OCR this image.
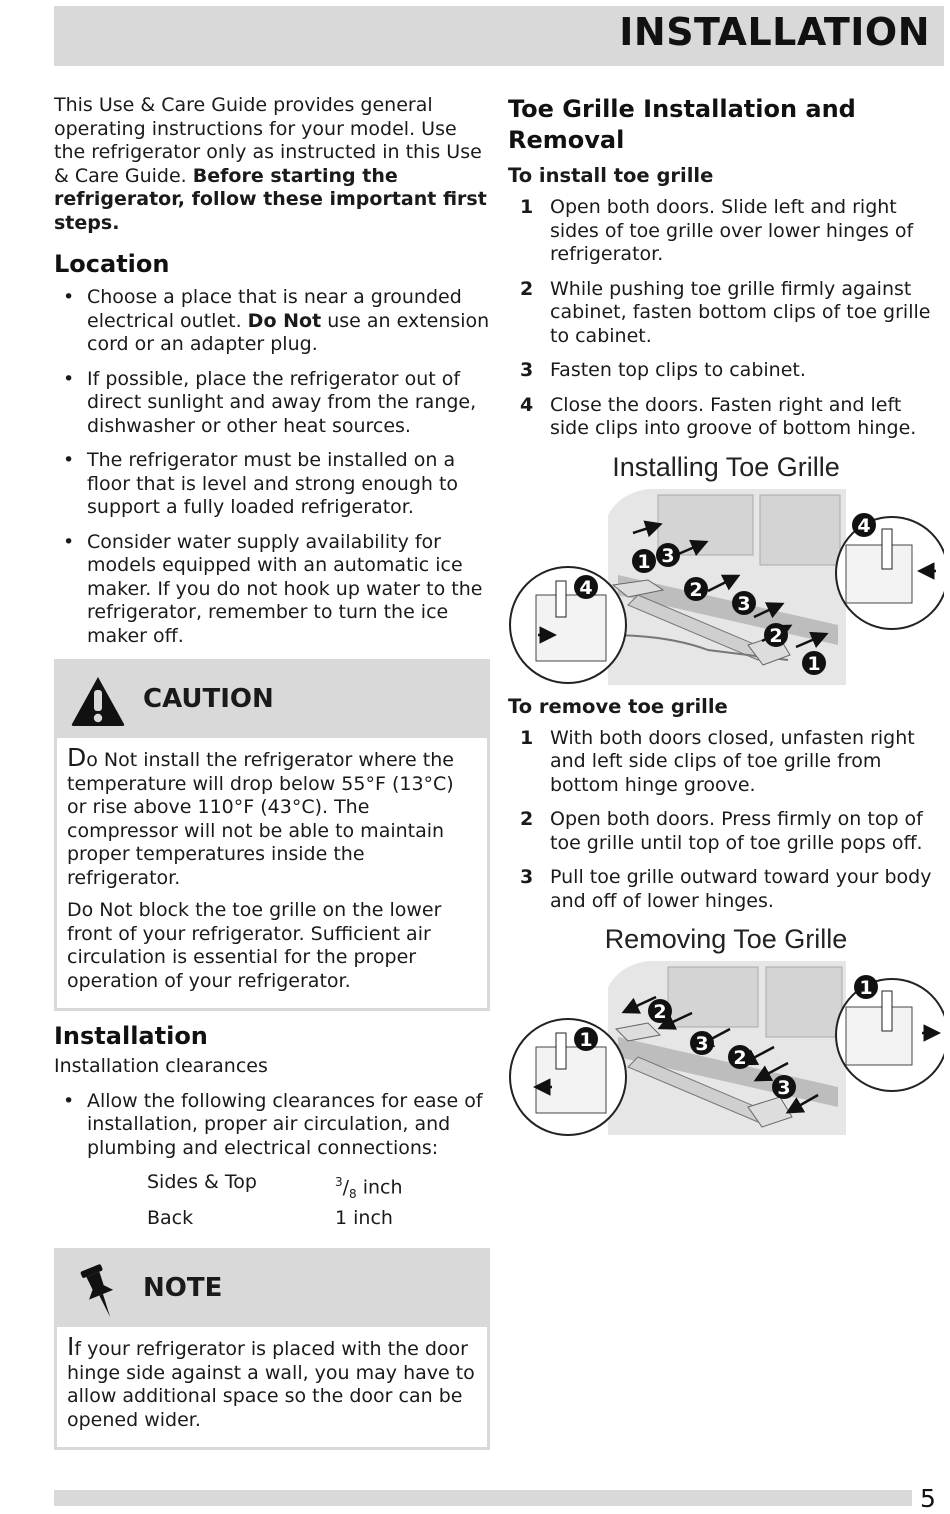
INSTALLATION

This Use & Care Guide provides general operating instructions for your model. Use the refrigerator only as instructed in this Use & Care Guide. Before starting the refrigerator, follow these important first steps.

Location
• Choose a place that is near a grounded electrical outlet. Do Not use an extension cord or an adapter plug.
• If possible, place the refrigerator out of direct sunlight and away from the range, dishwasher or other heat sources.
• The refrigerator must be installed on a floor that is level and strong enough to support a fully loaded refrigerator.
• Consider water supply availability for models equipped with an automatic ice maker. If you do not hook up water to the refrigerator, remember to turn the ice maker off.
CAUTION

Do Not install the refrigerator where the temperature will drop below 55°F (13°C) or rise above 110°F (43°C). The compressor will not be able to maintain proper temperatures inside the refrigerator.

Do Not block the toe grille on the lower front of your refrigerator. Sufficient air circulation is essential for the proper operation of your refrigerator.

Installation

Installation clearances

• Allow the following clearances for ease of installation, proper air circulation, and plumbing and electrical connections:
Sides & Top	$^3/_8$ inch
Back	1 inch
NOTE

If your refrigerator is placed with the door hinge side against a wall, you may have to allow additional space so the door can be opened wider.

Toe Grille Installation and Removal
To install toe grille
1 Open both doors. Slide left and right sides of toe grille over lower hinges of refrigerator.
2 While pushing toe grille firmly against cabinet, fasten bottom clips of toe grille to cabinet.
3 Fasten top clips to cabinet.
4 Close the doors. Fasten right and left side clips into groove of bottom hinge.
Installing Toe Grille
1 3
2
3
2
1
4
4
To remove toe grille
1 With both doors closed, unfasten right and left side clips of toe grille from bottom hinge groove.
2 Open both doors. Press firmly on top of toe grille until top of toe grille pops off.
3 Pull toe grille outward toward your body and off of lower hinges.
Removing Toe Grille
2
3
2
3
1
1
5
